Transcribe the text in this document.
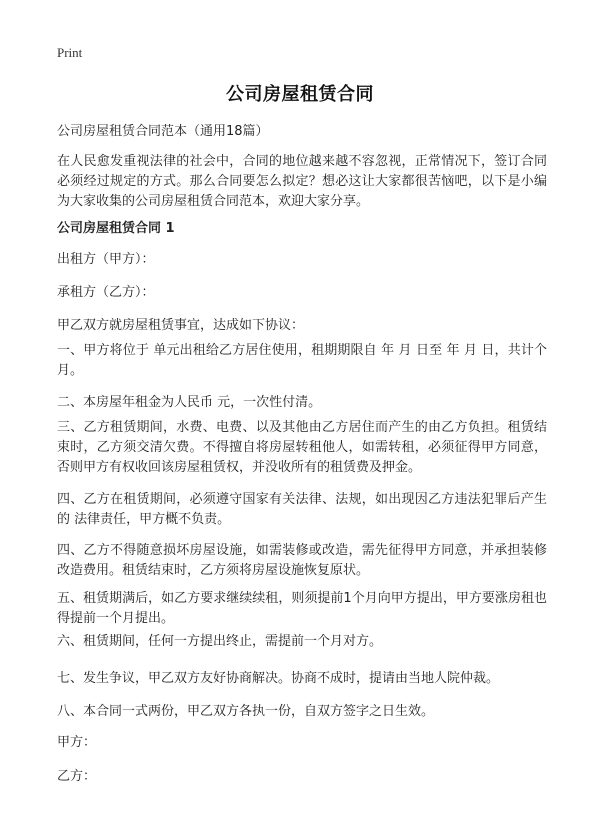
Print
公司房屋租赁合同
公司房屋租赁合同范本（通用18篇）
在人民愈发重视法律的社会中，合同的地位越来越不容忽视，正常情况下，签订合同必须经过规定的方式。那么合同要怎么拟定？想必这让大家都很苦恼吧，以下是小编为大家收集的公司房屋租赁合同范本，欢迎大家分享。
公司房屋租赁合同 1
出租方（甲方）：
承租方（乙方）：
甲乙双方就房屋租赁事宜，达成如下协议：
一、甲方将位于 单元出租给乙方居住使用，租期期限自 年 月 日至 年 月 日，共计个月。
二、本房屋年租金为人民币 元，一次性付清。
三、乙方租赁期间，水费、电费、以及其他由乙方居住而产生的由乙方负担。租赁结束时，乙方须交清欠费。不得擅自将房屋转租他人，如需转租，必须征得甲方同意，否则甲方有权收回该房屋租赁权，并没收所有的租赁费及押金。
四、乙方在租赁期间，必须遵守国家有关法律、法规，如出现因乙方违法犯罪后产生的 法律责任，甲方概不负责。
四、乙方不得随意损坏房屋设施，如需装修或改造，需先征得甲方同意，并承担装修改造费用。租赁结束时，乙方须将房屋设施恢复原状。
五、租赁期满后，如乙方要求继续续租，则须提前1个月向甲方提出，甲方要涨房租也得提前一个月提出。
六、租赁期间，任何一方提出终止，需提前一个月对方。
七、发生争议，甲乙双方友好协商解决。协商不成时，提请由当地人院仲裁。
八、本合同一式两份，甲乙双方各执一份，自双方签字之日生效。
甲方：
乙方：
